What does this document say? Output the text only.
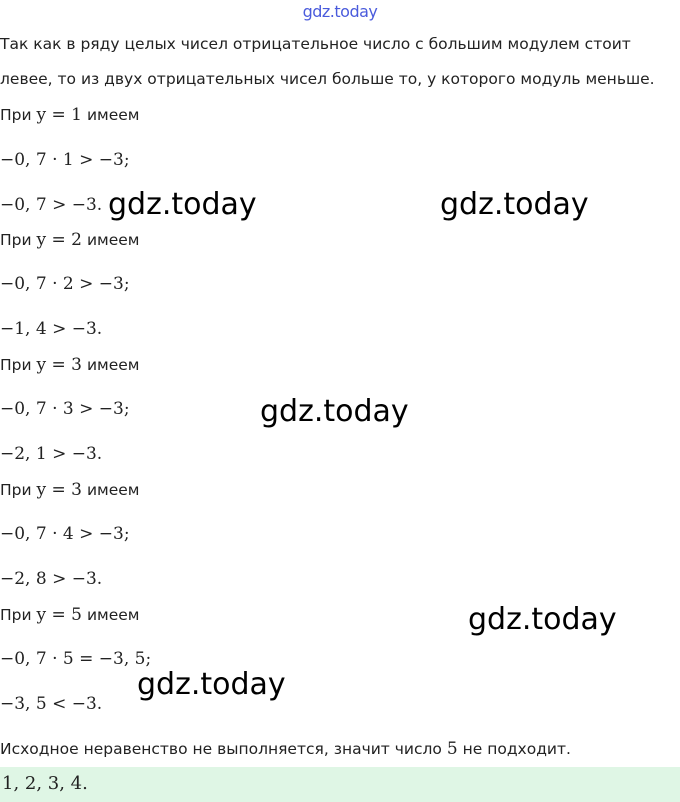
gdz.today
Так как в ряду целых чисел отрицательное число с большим модулем стоит
левее, то из двух отрицательных чисел больше то, у которого модуль меньше.
При y = 1 имеем
−0, 7 · 1 > −3;
−0, 7 > −3.
При y = 2 имеем
−0, 7 · 2 > −3;
−1, 4 > −3.
При y = 3 имеем
−0, 7 · 3 > −3;
−2, 1 > −3.
При y = 3 имеем
−0, 7 · 4 > −3;
−2, 8 > −3.
При y = 5 имеем
−0, 7 · 5 = −3, 5;
−3, 5 < −3.
Исходное неравенство не выполняется, значит число 5 не подходит.
1, 2, 3, 4.
gdz.today	gdz.today
gdz.today
gdz.today
gdz.today
